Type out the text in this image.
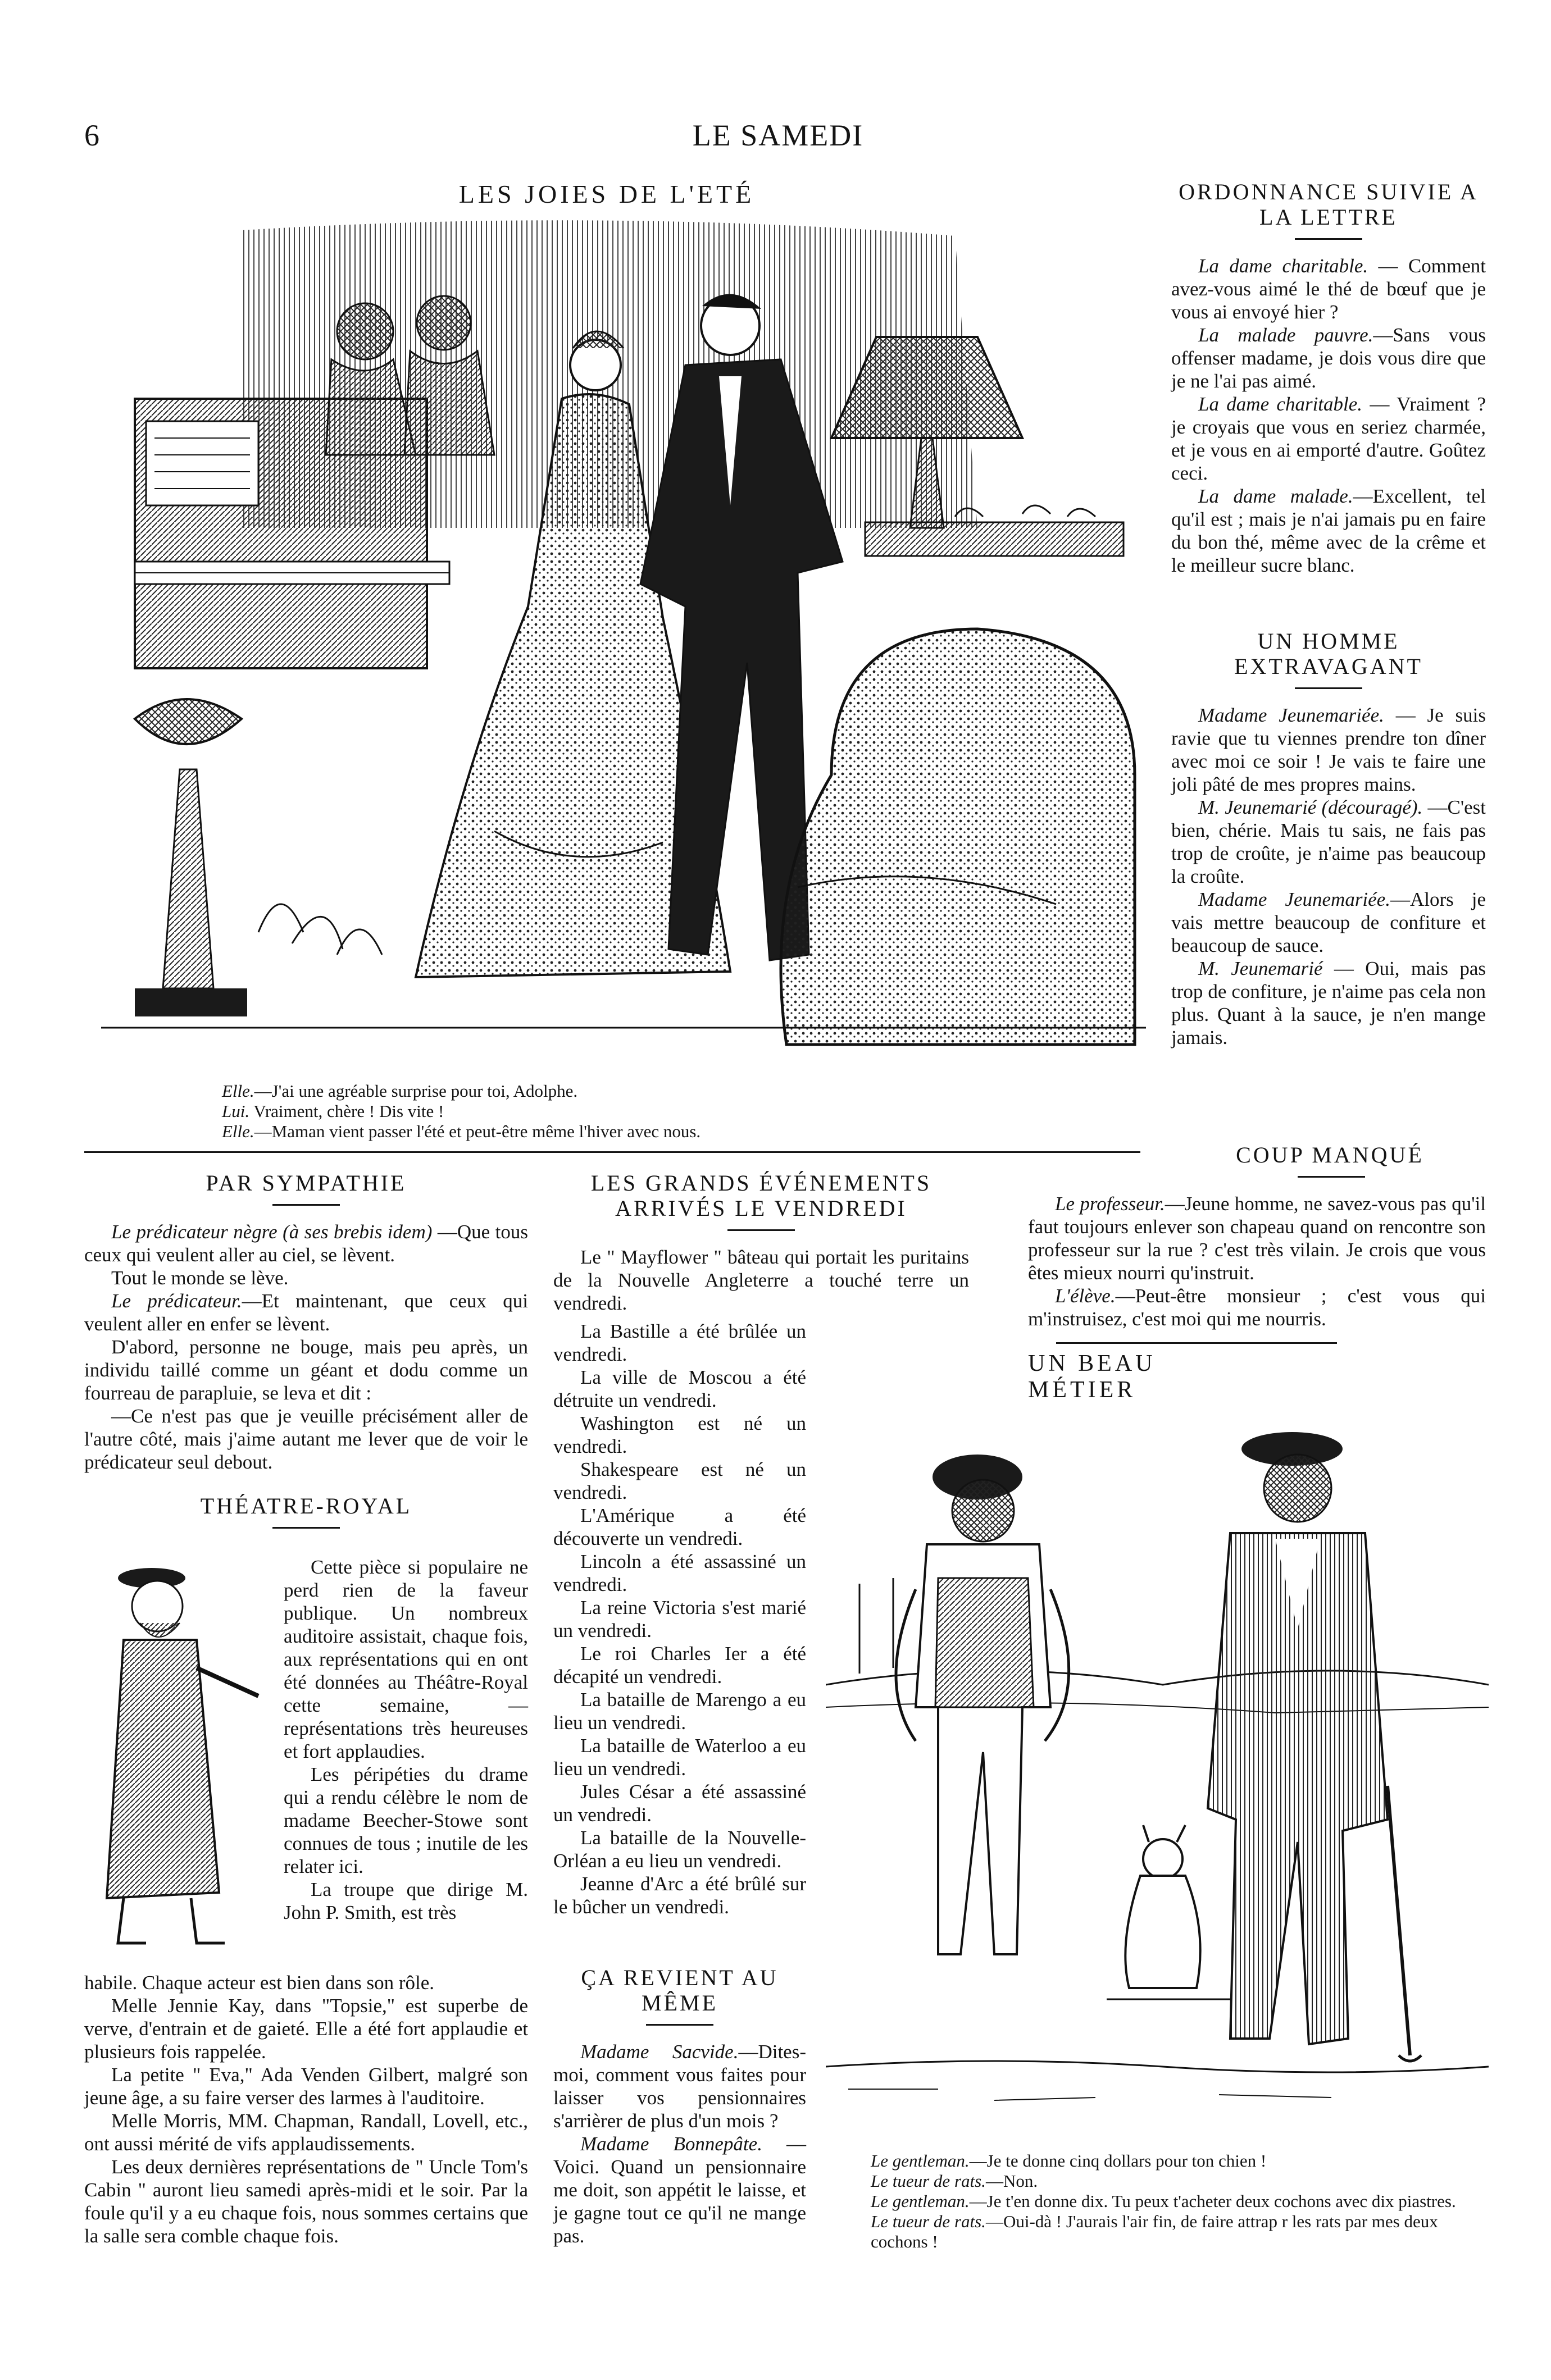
6	LE SAMEDI
LES JOIES DE L'ETÉ
Elle.—J'ai une agréable surprise pour toi, Adolphe.
Lui. Vraiment, chère ! Dis vite !
Elle.—Maman vient passer l'été et peut-être même l'hiver avec nous.
ORDONNANCE SUIVIE A LA LETTRE

La dame charitable. — Comment avez-vous aimé le thé de bœuf que je vous ai envoyé hier ?

La malade pauvre.—Sans vous offenser madame, je dois vous dire que je ne l'ai pas aimé.

La dame charitable. — Vraiment ? je croyais que vous en seriez charmée, et je vous en ai emporté d'autre. Goûtez ceci.

La dame malade.—Excellent, tel qu'il est ; mais je n'ai jamais pu en faire du bon thé, même avec de la crême et le meilleur sucre blanc.

UN HOMME EXTRAVAGANT

Madame Jeunemariée. — Je suis ravie que tu viennes prendre ton dîner avec moi ce soir ! Je vais te faire une joli pâté de mes propres mains.

M. Jeunemarié (découragé). —C'est bien, chérie. Mais tu sais, ne fais pas trop de croûte, je n'aime pas beaucoup la croûte.

Madame Jeunemariée.—Alors je vais mettre beaucoup de confiture et beaucoup de sauce.

M. Jeunemarié — Oui, mais pas trop de confiture, je n'aime pas cela non plus. Quant à la sauce, je n'en mange jamais.

COUP MANQUÉ

Le professeur.—Jeune homme, ne savez-vous pas qu'il faut toujours enlever son chapeau quand on rencontre son professeur sur la rue ? c'est très vilain. Je crois que vous êtes mieux nourri qu'instruit.

L'élève.—Peut-être monsieur ; c'est vous qui m'instruisez, c'est moi qui me nourris.

UN BEAU MÉTIER
Le gentleman.—Je te donne cinq dollars pour ton chien !
Le tueur de rats.—Non.
Le gentleman.—Je t'en donne dix. Tu peux t'acheter deux cochons avec dix piastres.
Le tueur de rats.—Oui-dà ! J'aurais l'air fin, de faire attrap r les rats par mes deux cochons !
PAR SYMPATHIE

Le prédicateur nègre (à ses brebis idem) —Que tous ceux qui veulent aller au ciel, se lèvent.

Tout le monde se lève.

Le prédicateur.—Et maintenant, que ceux qui veulent aller en enfer se lèvent.

D'abord, personne ne bouge, mais peu après, un individu taillé comme un géant et dodu comme un fourreau de parapluie, se leva et dit :

—Ce n'est pas que je veuille précisément aller de l'autre côté, mais j'aime autant me lever que de voir le prédicateur seul debout.

THÉATRE-ROYAL

Cette pièce si populaire ne perd rien de la faveur publique. Un nombreux auditoire assistait, chaque fois, aux représentations qui en ont été données au Théâtre-Royal cette semaine, — représentations très heureuses et fort applaudies.

Les péripéties du drame qui a rendu célèbre le nom de madame Beecher-Stowe sont connues de tous ; inutile de les relater ici.

La troupe que dirige M. John P. Smith, est très

habile. Chaque acteur est bien dans son rôle.

Melle Jennie Kay, dans "Topsie," est superbe de verve, d'entrain et de gaieté. Elle a été fort applaudie et plusieurs fois rappelée.

La petite " Eva," Ada Venden Gilbert, malgré son jeune âge, a su faire verser des larmes à l'auditoire.

Melle Morris, MM. Chapman, Randall, Lovell, etc., ont aussi mérité de vifs applaudissements.

Les deux dernières représentations de " Uncle Tom's Cabin " auront lieu samedi après-midi et le soir. Par la foule qu'il y a eu chaque fois, nous sommes certains que la salle sera comble chaque fois.

LES GRANDS ÉVÉNEMENTS ARRIVÉS LE VENDREDI

Le " Mayflower " bâteau qui portait les puritains de la Nouvelle Angleterre a touché terre un vendredi.

La Bastille a été brûlée un vendredi.

La ville de Moscou a été détruite un vendredi.

Washington est né un vendredi.

Shakespeare est né un vendredi.

L'Amérique a été découverte un vendredi.

Lincoln a été assassiné un vendredi.

La reine Victoria s'est marié un vendredi.

Le roi Charles Ier a été décapité un vendredi.

La bataille de Marengo a eu lieu un vendredi.

La bataille de Waterloo a eu lieu un vendredi.

Jules César a été assassiné un vendredi.

La bataille de la Nouvelle-Orléan a eu lieu un vendredi.

Jeanne d'Arc a été brûlé sur le bûcher un vendredi.

ÇA REVIENT AU MÊME

Madame Sacvide.—Dites-moi, comment vous faites pour laisser vos pensionnaires s'arrièrer de plus d'un mois ?

Madame Bonnepâte. — Voici. Quand un pensionnaire me doit, son appétit le laisse, et je gagne tout ce qu'il ne mange pas.
